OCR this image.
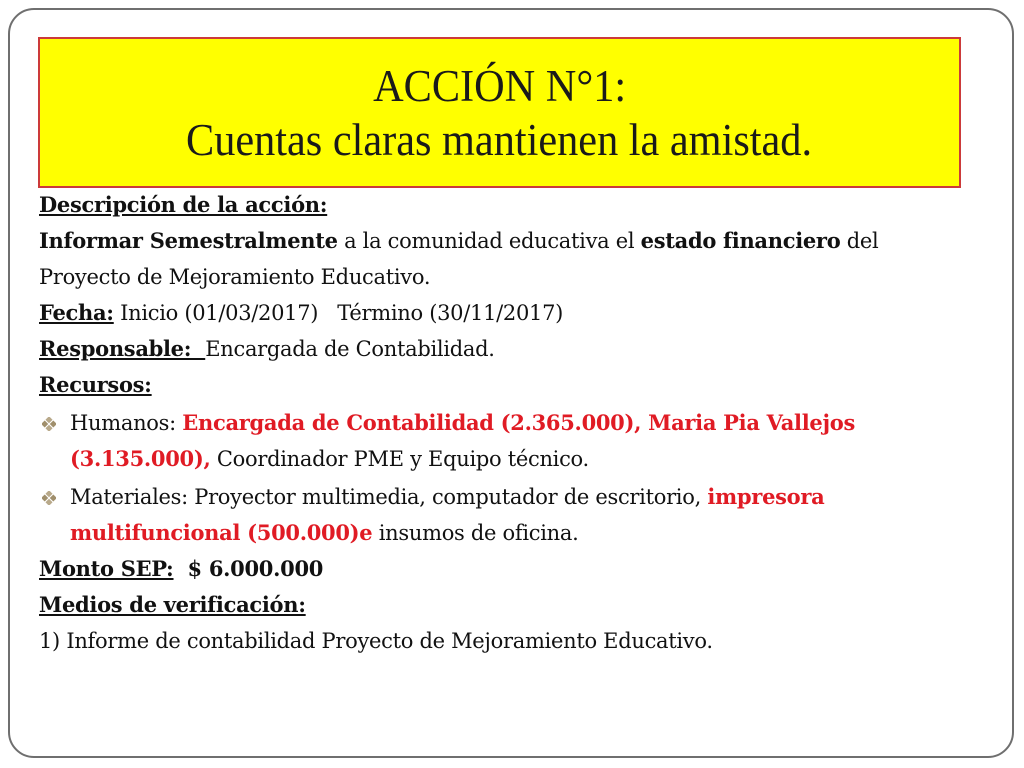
ACCIÓN N°1:
Cuentas claras mantienen la amistad.

Descripción de la acción:

Informar Semestralmente a la comunidad educativa el estado financiero del Proyecto de Mejoramiento Educativo.

Fecha: Inicio (01/03/2017)   Término (30/11/2017)

Responsable:  Encargada de Contabilidad.

Recursos:

Humanos: Encargada de Contabilidad (2.365.000), Maria Pia Vallejos (3.135.000), Coordinador PME y Equipo técnico.
Materiales: Proyector multimedia, computador de escritorio, impresora multifuncional (500.000)e insumos de oficina.

Monto SEP:  $ 6.000.000

Medios de verificación:

1) Informe de contabilidad Proyecto de Mejoramiento Educativo.
